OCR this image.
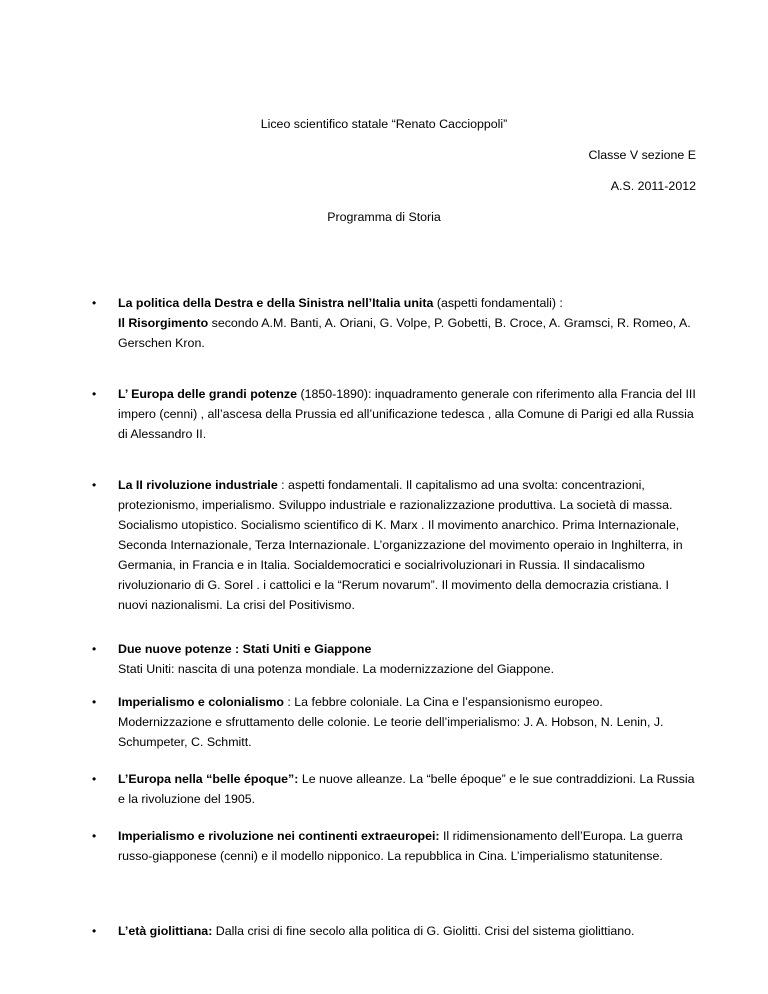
Liceo scientifico statale “Renato Caccioppoli”
Classe V sezione E
A.S. 2011-2012
Programma di Storia
• La politica della Destra e della Sinistra nell’Italia unita (aspetti fondamentali) :
Il Risorgimento secondo A.M. Banti, A. Oriani, G. Volpe, P. Gobetti, B. Croce, A. Gramsci, R. Romeo, A. Gerschen Kron.

• L’ Europa delle grandi potenze (1850-1890): inquadramento generale con riferimento alla Francia del III impero (cenni) , all’ascesa della Prussia ed all’unificazione tedesca , alla Comune di Parigi ed alla Russia di Alessandro II.

• La II rivoluzione industriale : aspetti fondamentali. Il capitalismo ad una svolta: concentrazioni, protezionismo, imperialismo. Sviluppo industriale e razionalizzazione produttiva. La società di massa. Socialismo utopistico. Socialismo scientifico di K. Marx . Il movimento anarchico. Prima Internazionale, Seconda Internazionale, Terza Internazionale. L’organizzazione del movimento operaio in Inghilterra, in Germania, in Francia e in Italia. Socialdemocratici e socialrivoluzionari in Russia. Il sindacalismo rivoluzionario di G. Sorel . i cattolici e la “Rerum novarum”. Il movimento della democrazia cristiana. I nuovi nazionalismi. La crisi del Positivismo.

• Due nuove potenze : Stati Uniti e Giappone
Stati Uniti: nascita di una potenza mondiale. La modernizzazione del Giappone.

• Imperialismo e colonialismo : La febbre coloniale. La Cina e l’espansionismo europeo. Modernizzazione e sfruttamento delle colonie. Le teorie dell’imperialismo: J. A. Hobson, N. Lenin, J. Schumpeter, C. Schmitt.

• L’Europa nella “belle époque”: Le nuove alleanze. La “belle époque” e le sue contraddizioni. La Russia e la rivoluzione del 1905.

• Imperialismo e rivoluzione nei continenti extraeuropei: Il ridimensionamento dell’Europa. La guerra russo-giapponese (cenni) e il modello nipponico. La repubblica in Cina. L’imperialismo statunitense.

• L’età giolittiana: Dalla crisi di fine secolo alla politica di G. Giolitti. Crisi del sistema giolittiano.
